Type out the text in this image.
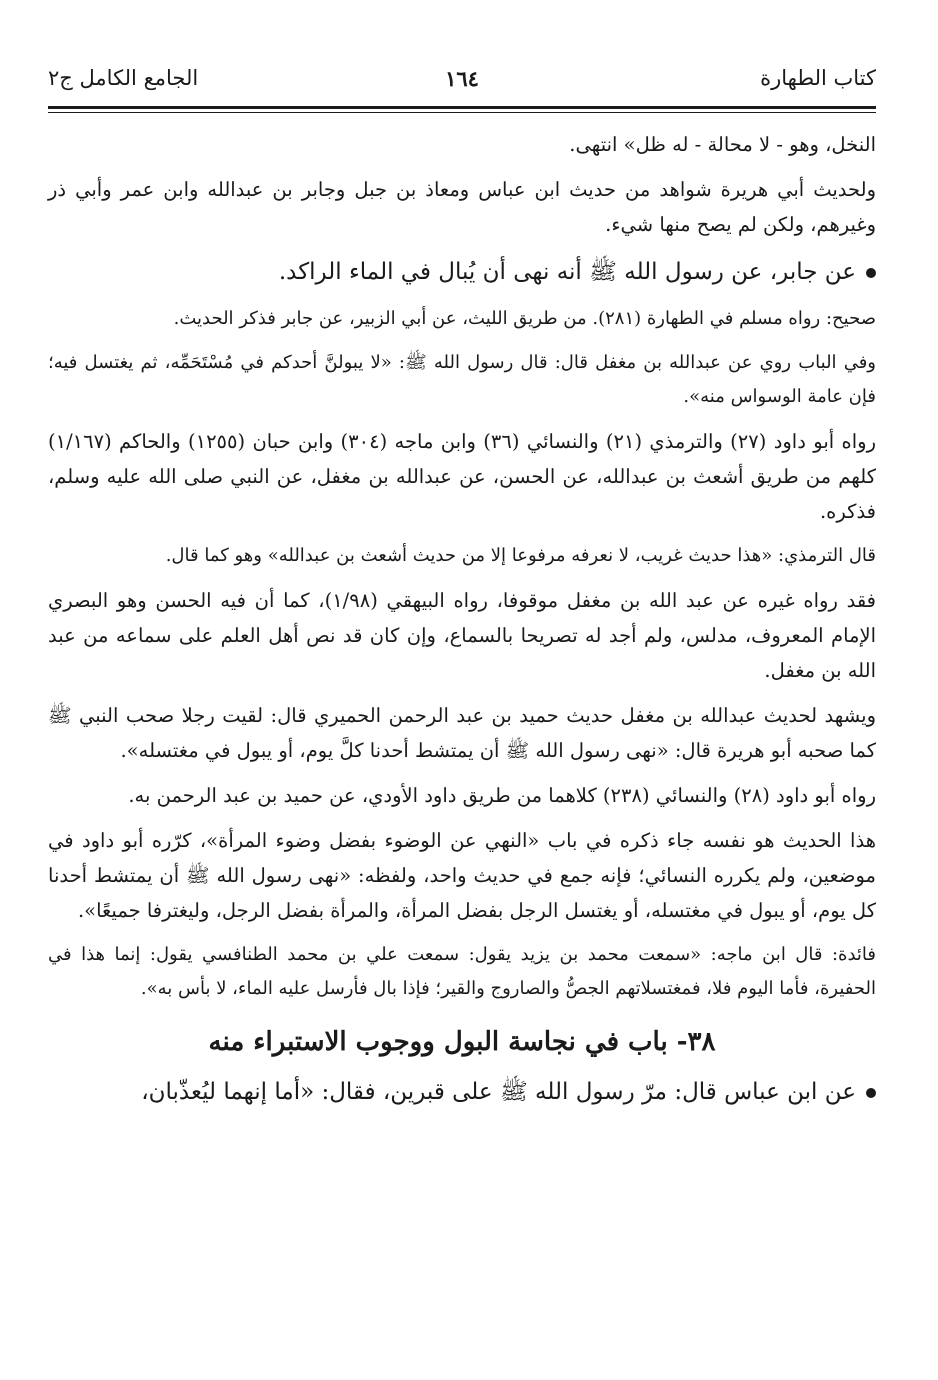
كتاب الطهارة
١٦٤
الجامع الكامل ج٢

النخل، وهو - لا محالة - له ظل» انتهى.

ولحديث أبي هريرة شواهد من حديث ابن عباس ومعاذ بن جبل وجابر بن عبدالله وابن عمر وأبي ذر وغيرهم، ولكن لم يصح منها شيء.

عن جابر، عن رسول الله ﷺ أنه نهى أن يُبال في الماء الراكد.

صحيح: رواه مسلم في الطهارة (٢٨١). من طريق الليث، عن أبي الزبير، عن جابر فذكر الحديث.

وفي الباب روي عن عبدالله بن مغفل قال: قال رسول الله ﷺ: «لا يبولنَّ أحدكم في مُسْتَحَمِّه، ثم يغتسل فيه؛ فإن عامة الوسواس منه».

رواه أبو داود (٢٧) والترمذي (٢١) والنسائي (٣٦) وابن ماجه (٣٠٤) وابن حبان (١٢٥٥) والحاكم (١/١٦٧) كلهم من طريق أشعث بن عبدالله، عن الحسن، عن عبدالله بن مغفل، عن النبي صلى الله عليه وسلم، فذكره.

قال الترمذي: «هذا حديث غريب، لا نعرفه مرفوعا إلا من حديث أشعث بن عبدالله» وهو كما قال.

فقد رواه غيره عن عبد الله بن مغفل موقوفا، رواه البيهقي (١/٩٨)، كما أن فيه الحسن وهو البصري الإمام المعروف، مدلس، ولم أجد له تصريحا بالسماع، وإن كان قد نص أهل العلم على سماعه من عبد الله بن مغفل.

ويشهد لحديث عبدالله بن مغفل حديث حميد بن عبد الرحمن الحميري قال: لقيت رجلا صحب النبي ﷺ كما صحبه أبو هريرة قال: «نهى رسول الله ﷺ أن يمتشط أحدنا كلَّ يوم، أو يبول في مغتسله».

رواه أبو داود (٢٨) والنسائي (٢٣٨) كلاهما من طريق داود الأودي، عن حميد بن عبد الرحمن به.

هذا الحديث هو نفسه جاء ذكره في باب «النهي عن الوضوء بفضل وضوء المرأة»، كرّره أبو داود في موضعين، ولم يكرره النسائي؛ فإنه جمع في حديث واحد، ولفظه: «نهى رسول الله ﷺ أن يمتشط أحدنا كل يوم، أو يبول في مغتسله، أو يغتسل الرجل بفضل المرأة، والمرأة بفضل الرجل، وليغترفا جميعًا».

فائدة: قال ابن ماجه: «سمعت محمد بن يزيد يقول: سمعت علي بن محمد الطنافسي يقول: إنما هذا في الحفيرة، فأما اليوم فلا، فمغتسلاتهم الجصُّ والصاروج والقير؛ فإذا بال فأرسل عليه الماء، لا بأس به».

٣٨- باب في نجاسة البول ووجوب الاستبراء منه

عن ابن عباس قال: مرّ رسول الله ﷺ على قبرين، فقال: «أما إنهما ليُعذّبان،
